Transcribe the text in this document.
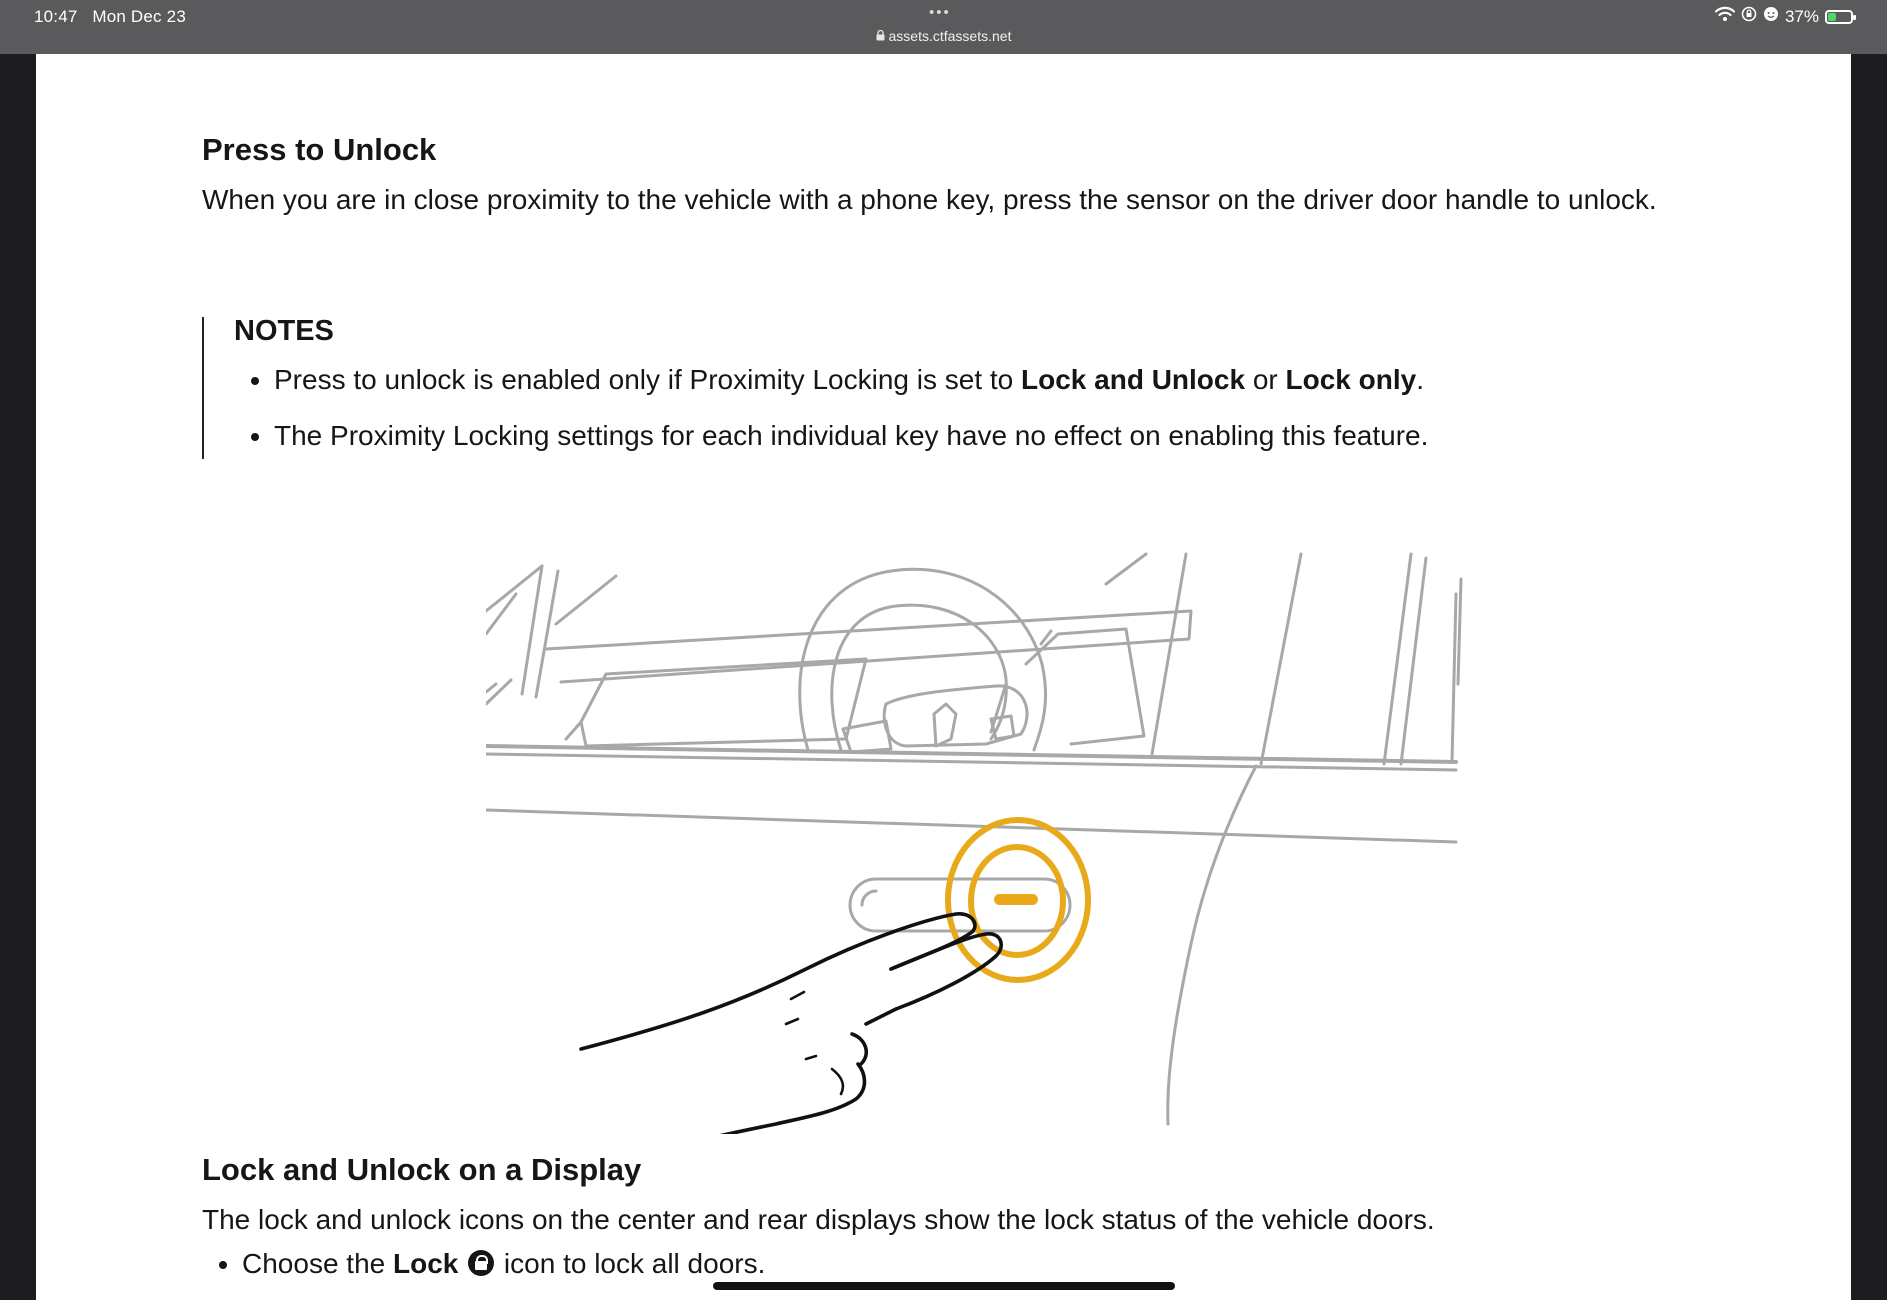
10:47 Mon Dec 23	•••
assets.ctfassets.net
37%
Press to Unlock

When you are in close proximity to the vehicle with a phone key, press the sensor on the driver door handle to unlock.

NOTES
• Press to unlock is enabled only if Proximity Locking is set to Lock and Unlock or Lock only.
• The Proximity Locking settings for each individual key have no effect on enabling this feature.
Lock and Unlock on a Display

The lock and unlock icons on the center and rear displays show the lock status of the vehicle doors.

• Choose the Lock  icon to lock all doors.
